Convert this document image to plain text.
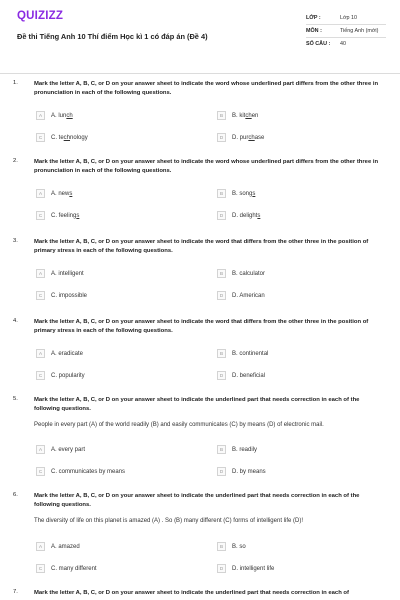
QUIZIZZ
Đề thi Tiếng Anh 10 Thí điểm Học kì 1 có đáp án (Đề 4)
LỚP :	Lớp 10
MÔN :	Tiếng Anh (mới)
SỐ CÂU :	40
1.	Mark the letter A, B, C, or D on your answer sheet to indicate the word whose underlined part differs from the other three in pronunciation in each of the following questions.
A	A. lunch	B	B. kitchen
C	C. technology	D	D. purchase
2.	Mark the letter A, B, C, or D on your answer sheet to indicate the word whose underlined part differs from the other three in pronunciation in each of the following questions.
A	A. news	B	B. songs
C	C. feelings	D	D. delights
3.	Mark the letter A, B, C, or D on your answer sheet to indicate the word that differs from the other three in the position of primary stress in each of the following questions.
A	A. intelligent	B	B. calculator
C	C. impossible	D	D. American
4.	Mark the letter A, B, C, or D on your answer sheet to indicate the word that differs from the other three in the position of primary stress in each of the following questions.
A	A. eradicate	B	B. continental
C	C. popularity	D	D. beneficial
5.	Mark the letter A, B, C, or D on your answer sheet to indicate the underlined part that needs correction in each of the following questions.
People in every part (A) of the world readily (B) and easily communicates (C) by means (D) of electronic mail.
A	A. every part	B	B. readily
C	C. communicates by means	D	D. by means
6.	Mark the letter A, B, C, or D on your answer sheet to indicate the underlined part that needs correction in each of the following questions.
The diversity of life on this planet is amazed (A) . So (B) many different (C) forms of intelligent life (D)!
A	A. amazed	B	B. so
C	C. many different	D	D. intelligent life
7.	Mark the letter A, B, C, or D on your answer sheet to indicate the underlined part that needs correction in each of
